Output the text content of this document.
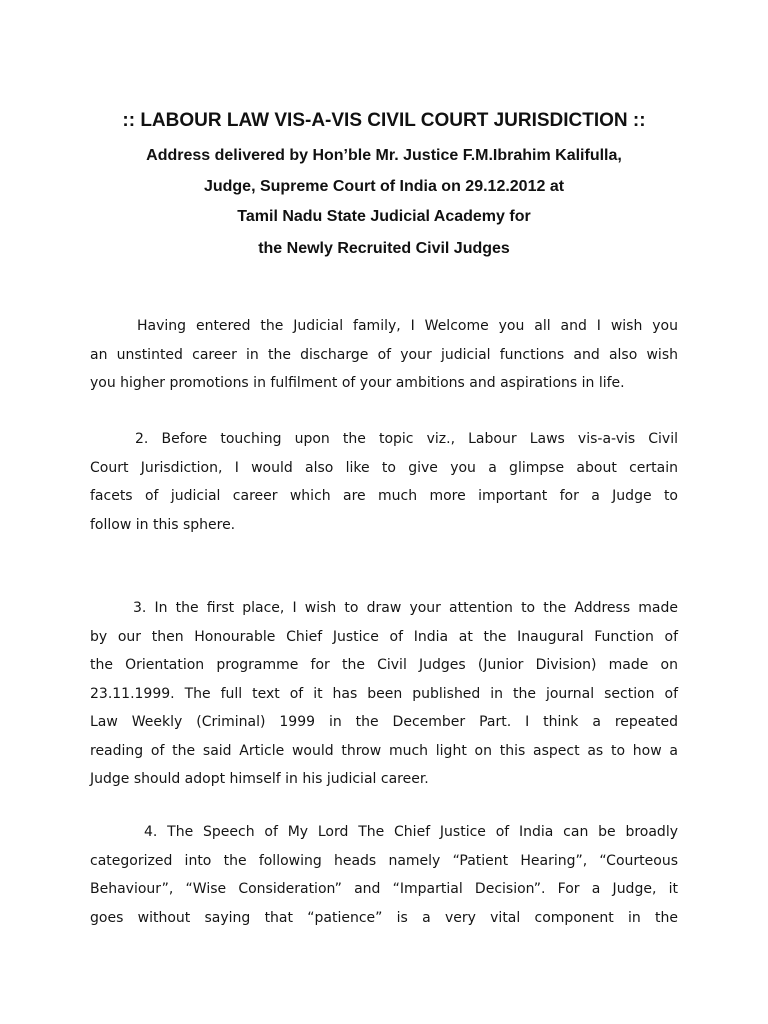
:: LABOUR LAW VIS-A-VIS CIVIL COURT JURISDICTION ::
Address delivered by Hon’ble Mr. Justice F.M.Ibrahim Kalifulla,
Judge, Supreme Court of India on 29.12.2012 at
Tamil Nadu State Judicial Academy for
the Newly Recruited Civil Judges
Having entered the Judicial family, I Welcome you all and I wish you
an unstinted career in the discharge of your judicial functions and also wish
you higher promotions in fulfilment of your ambitions and aspirations in life.
2. Before touching upon the topic viz., Labour Laws vis-a-vis Civil
Court Jurisdiction, I would also like to give you a glimpse about certain
facets of judicial career which are much more important for a Judge to
follow in this sphere.
3. In the first place, I wish to draw your attention to the Address made
by our then Honourable Chief Justice of India at the Inaugural Function of
the Orientation programme for the Civil Judges (Junior Division) made on
23.11.1999. The full text of it has been published in the journal section of
Law Weekly (Criminal) 1999 in the December Part. I think a repeated
reading of the said Article would throw much light on this aspect as to how a
Judge should adopt himself in his judicial career.
4. The Speech of My Lord The Chief Justice of India can be broadly
categorized into the following heads namely “Patient Hearing”, “Courteous
Behaviour”, “Wise Consideration” and “Impartial Decision”. For a Judge, it
goes without saying that “patience” is a very vital component in the
